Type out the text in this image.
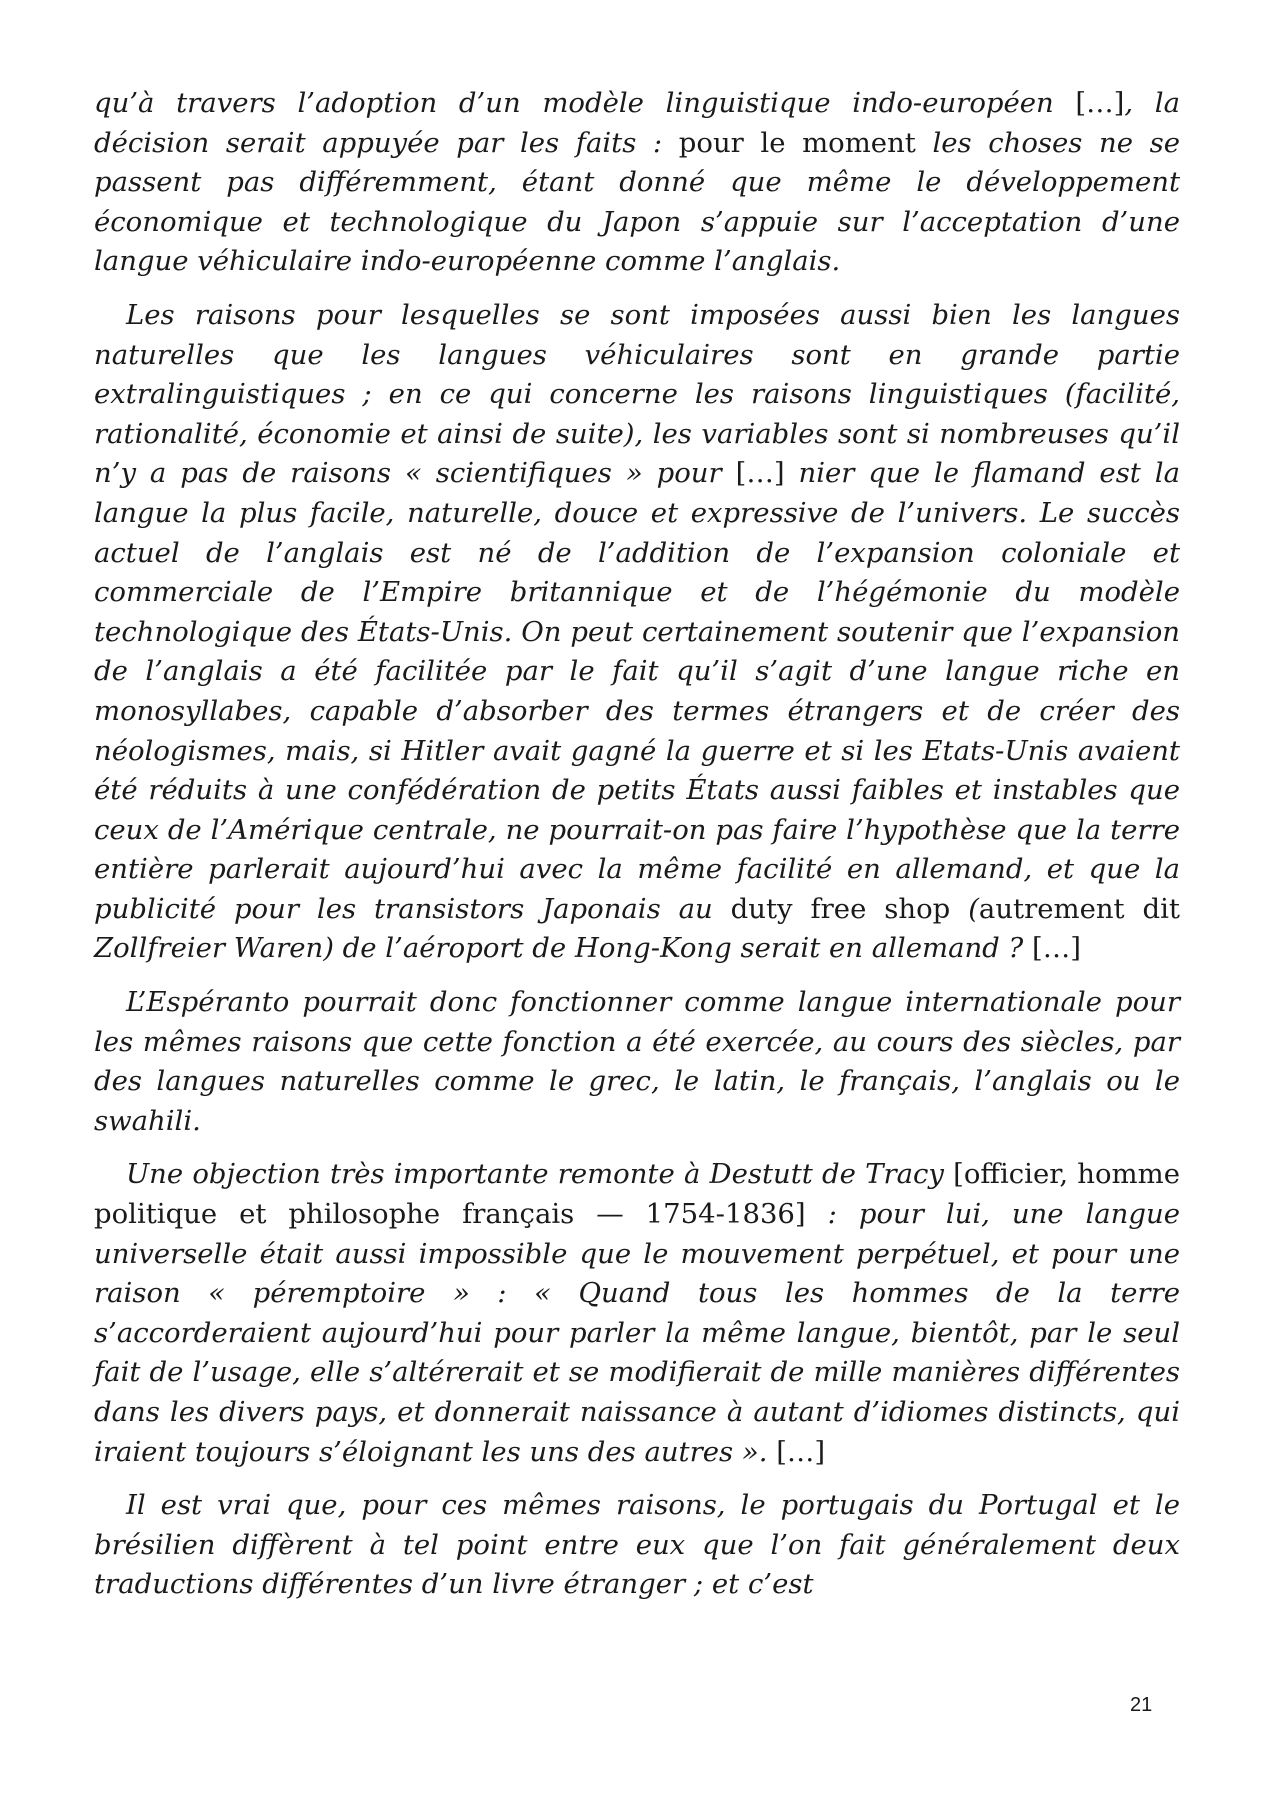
qu’à travers l’adoption d’un modèle linguistique indo-européen […], la décision serait appuyée par les faits : pour le moment les choses ne se passent pas différemment, étant donné que même le développement économique et technologique du Japon s’appuie sur l’acceptation d’une langue véhiculaire indo-européenne comme l’anglais.

Les raisons pour lesquelles se sont imposées aussi bien les langues naturelles que les langues véhiculaires sont en grande partie extralinguistiques ; en ce qui concerne les raisons linguistiques (facilité, rationalité, économie et ainsi de suite), les variables sont si nombreuses qu’il n’y a pas de raisons « scientifiques » pour […] nier que le flamand est la langue la plus facile, naturelle, douce et expressive de l’univers. Le succès actuel de l’anglais est né de l’addition de l’expansion coloniale et commerciale de l’Empire britannique et de l’hégémonie du modèle technologique des États-Unis. On peut certainement soutenir que l’expansion de l’anglais a été facilitée par le fait qu’il s’agit d’une langue riche en monosyllabes, capable d’absorber des termes étrangers et de créer des néologismes, mais, si Hitler avait gagné la guerre et si les Etats-Unis avaient été réduits à une confédération de petits États aussi faibles et instables que ceux de l’Amérique centrale, ne pourrait-on pas faire l’hypothèse que la terre entière parlerait aujourd’hui avec la même facilité en allemand, et que la publicité pour les transistors Japonais au duty free shop (autrement dit Zollfreier Waren) de l’aéroport de Hong-Kong serait en allemand ? […]

L’Espéranto pourrait donc fonctionner comme langue internationale pour les mêmes raisons que cette fonction a été exercée, au cours des siècles, par des langues naturelles comme le grec, le latin, le français, l’anglais ou le swahili.

Une objection très importante remonte à Destutt de Tracy [officier, homme politique et philosophe français — 1754-1836] : pour lui, une langue universelle était aussi impossible que le mouvement perpétuel, et pour une raison « péremptoire » : « Quand tous les hommes de la terre s’accorderaient aujourd’hui pour parler la même langue, bientôt, par le seul fait de l’usage, elle s’altérerait et se modifierait de mille manières différentes dans les divers pays, et donnerait naissance à autant d’idiomes distincts, qui iraient toujours s’éloignant les uns des autres ». […]

Il est vrai que, pour ces mêmes raisons, le portugais du Portugal et le brésilien diffèrent à tel point entre eux que l’on fait généralement deux traductions différentes d’un livre étranger ; et c’est

21
